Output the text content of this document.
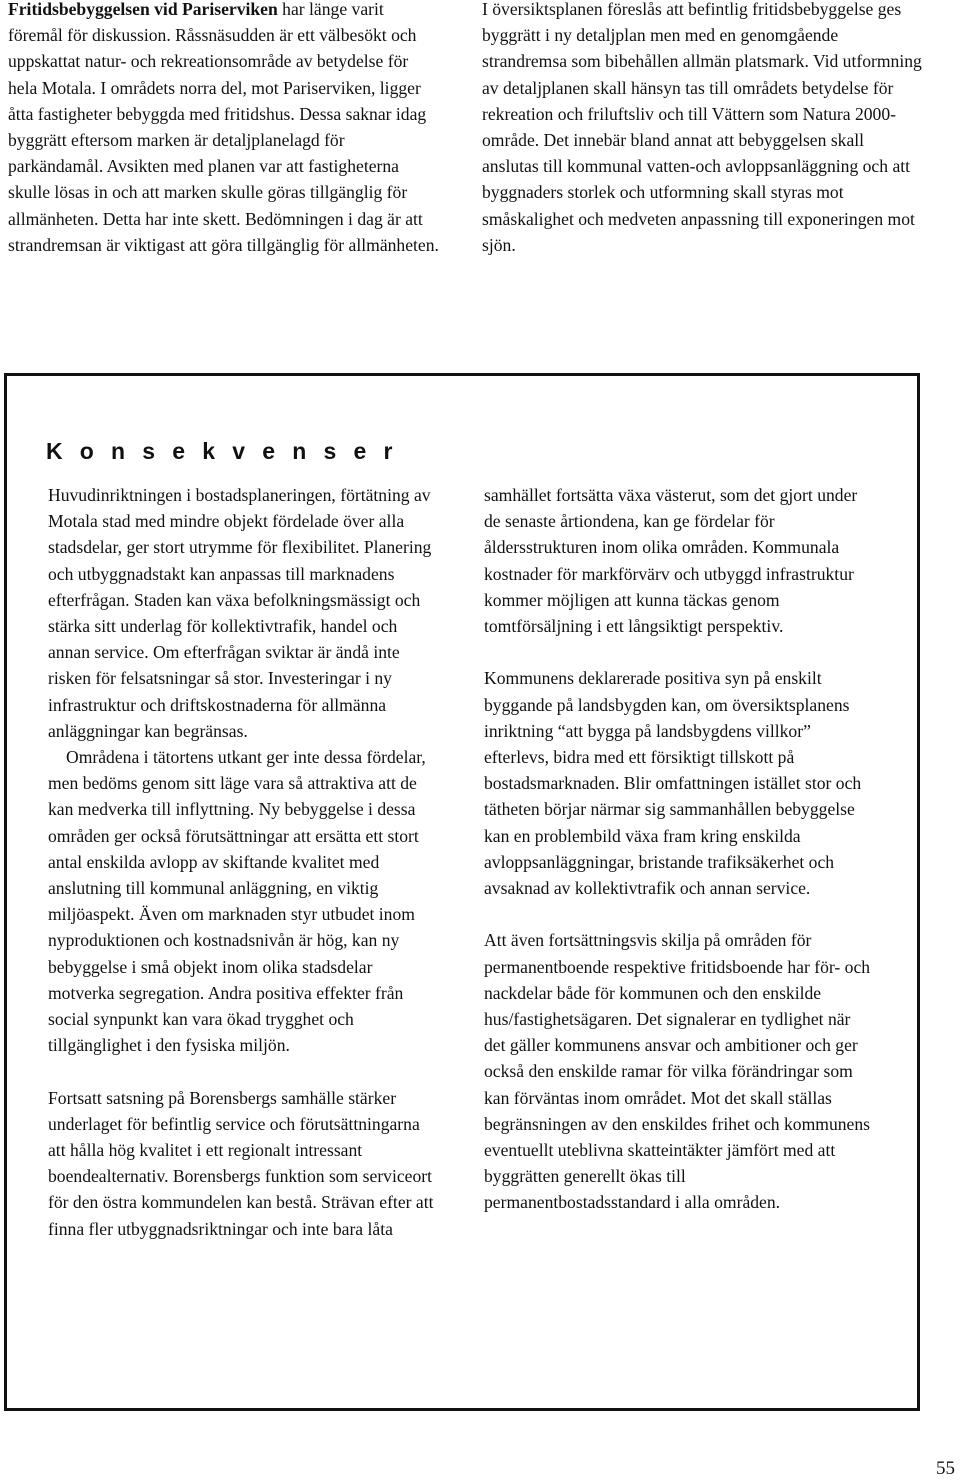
Fritidsbebyggelsen vid Pariserviken har länge varit föremål för diskussion. Råssnäsudden är ett välbesökt och uppskattat natur- och rekreationsområde av betydelse för hela Motala. I områdets norra del, mot Pariserviken, ligger åtta fastigheter bebyggda med fritidshus. Dessa saknar idag byggrätt eftersom marken är detaljplanelagd för parkändamål. Avsikten med planen var att fastigheterna skulle lösas in och att marken skulle göras tillgänglig för allmänheten. Detta har inte skett. Bedömningen i dag är att strandremsan är viktigast att göra tillgänglig för allmänheten.

I översiktsplanen föreslås att befintlig fritidsbebyggelse ges byggrätt i ny detaljplan men med en genomgående strandremsa som bibehållen allmän platsmark. Vid utformning av detaljplanen skall hänsyn tas till områdets betydelse för rekreation och friluftsliv och till Vättern som Natura 2000-område. Det innebär bland annat att bebyggelsen skall anslutas till kommunal vatten-och avloppsanläggning och att byggnaders storlek och utformning skall styras mot småskalighet och medveten anpassning till exponeringen mot sjön.

Konsekvenser

Huvudinriktningen i bostadsplaneringen, förtätning av Motala stad med mindre objekt fördelade över alla stadsdelar, ger stort utrymme för flexibilitet. Planering och utbyggnadstakt kan anpassas till marknadens efterfrågan. Staden kan växa befolkningsmässigt och stärka sitt underlag för kollektivtrafik, handel och annan service. Om efterfrågan sviktar är ändå inte risken för felsatsningar så stor. Investeringar i ny infrastruktur och driftskostnaderna för allmänna anläggningar kan begränsas.

Områdena i tätortens utkant ger inte dessa fördelar, men bedöms genom sitt läge vara så attraktiva att de kan medverka till inflyttning. Ny bebyggelse i dessa områden ger också förutsättningar att ersätta ett stort antal enskilda avlopp av skiftande kvalitet med anslutning till kommunal anläggning, en viktig miljöaspekt. Även om marknaden styr utbudet inom nyproduktionen och kostnadsnivån är hög, kan ny bebyggelse i små objekt inom olika stadsdelar motverka segregation. Andra positiva effekter från social synpunkt kan vara ökad trygghet och tillgänglighet i den fysiska miljön.

Fortsatt satsning på Borensbergs samhälle stärker underlaget för befintlig service och förutsättningarna att hålla hög kvalitet i ett regionalt intressant boendealternativ. Borensbergs funktion som serviceort för den östra kommundelen kan bestå. Strävan efter att finna fler utbyggnadsriktningar och inte bara låta

samhället fortsätta växa västerut, som det gjort under de senaste årtiondena, kan ge fördelar för åldersstrukturen inom olika områden. Kommunala kostnader för markförvärv och utbyggd infrastruktur kommer möjligen att kunna täckas genom tomtförsäljning i ett långsiktigt perspektiv.

Kommunens deklarerade positiva syn på enskilt byggande på landsbygden kan, om översiktsplanens inriktning “att bygga på landsbygdens villkor” efterlevs, bidra med ett försiktigt tillskott på bostadsmarknaden. Blir omfattningen istället stor och tätheten börjar närmar sig sammanhållen bebyggelse kan en problembild växa fram kring enskilda avloppsanläggningar, bristande trafiksäkerhet och avsaknad av kollektivtrafik och annan service.

Att även fortsättningsvis skilja på områden för permanentboende respektive fritidsboende har för- och nackdelar både för kommunen och den enskilde hus/fastighetsägaren. Det signalerar en tydlighet när det gäller kommunens ansvar och ambitioner och ger också den enskilde ramar för vilka förändringar som kan förväntas inom området. Mot det skall ställas begränsningen av den enskildes frihet och kommunens eventuellt uteblivna skatteintäkter jämfört med att byggrätten generellt ökas till permanentbostadsstandard i alla områden.

55
